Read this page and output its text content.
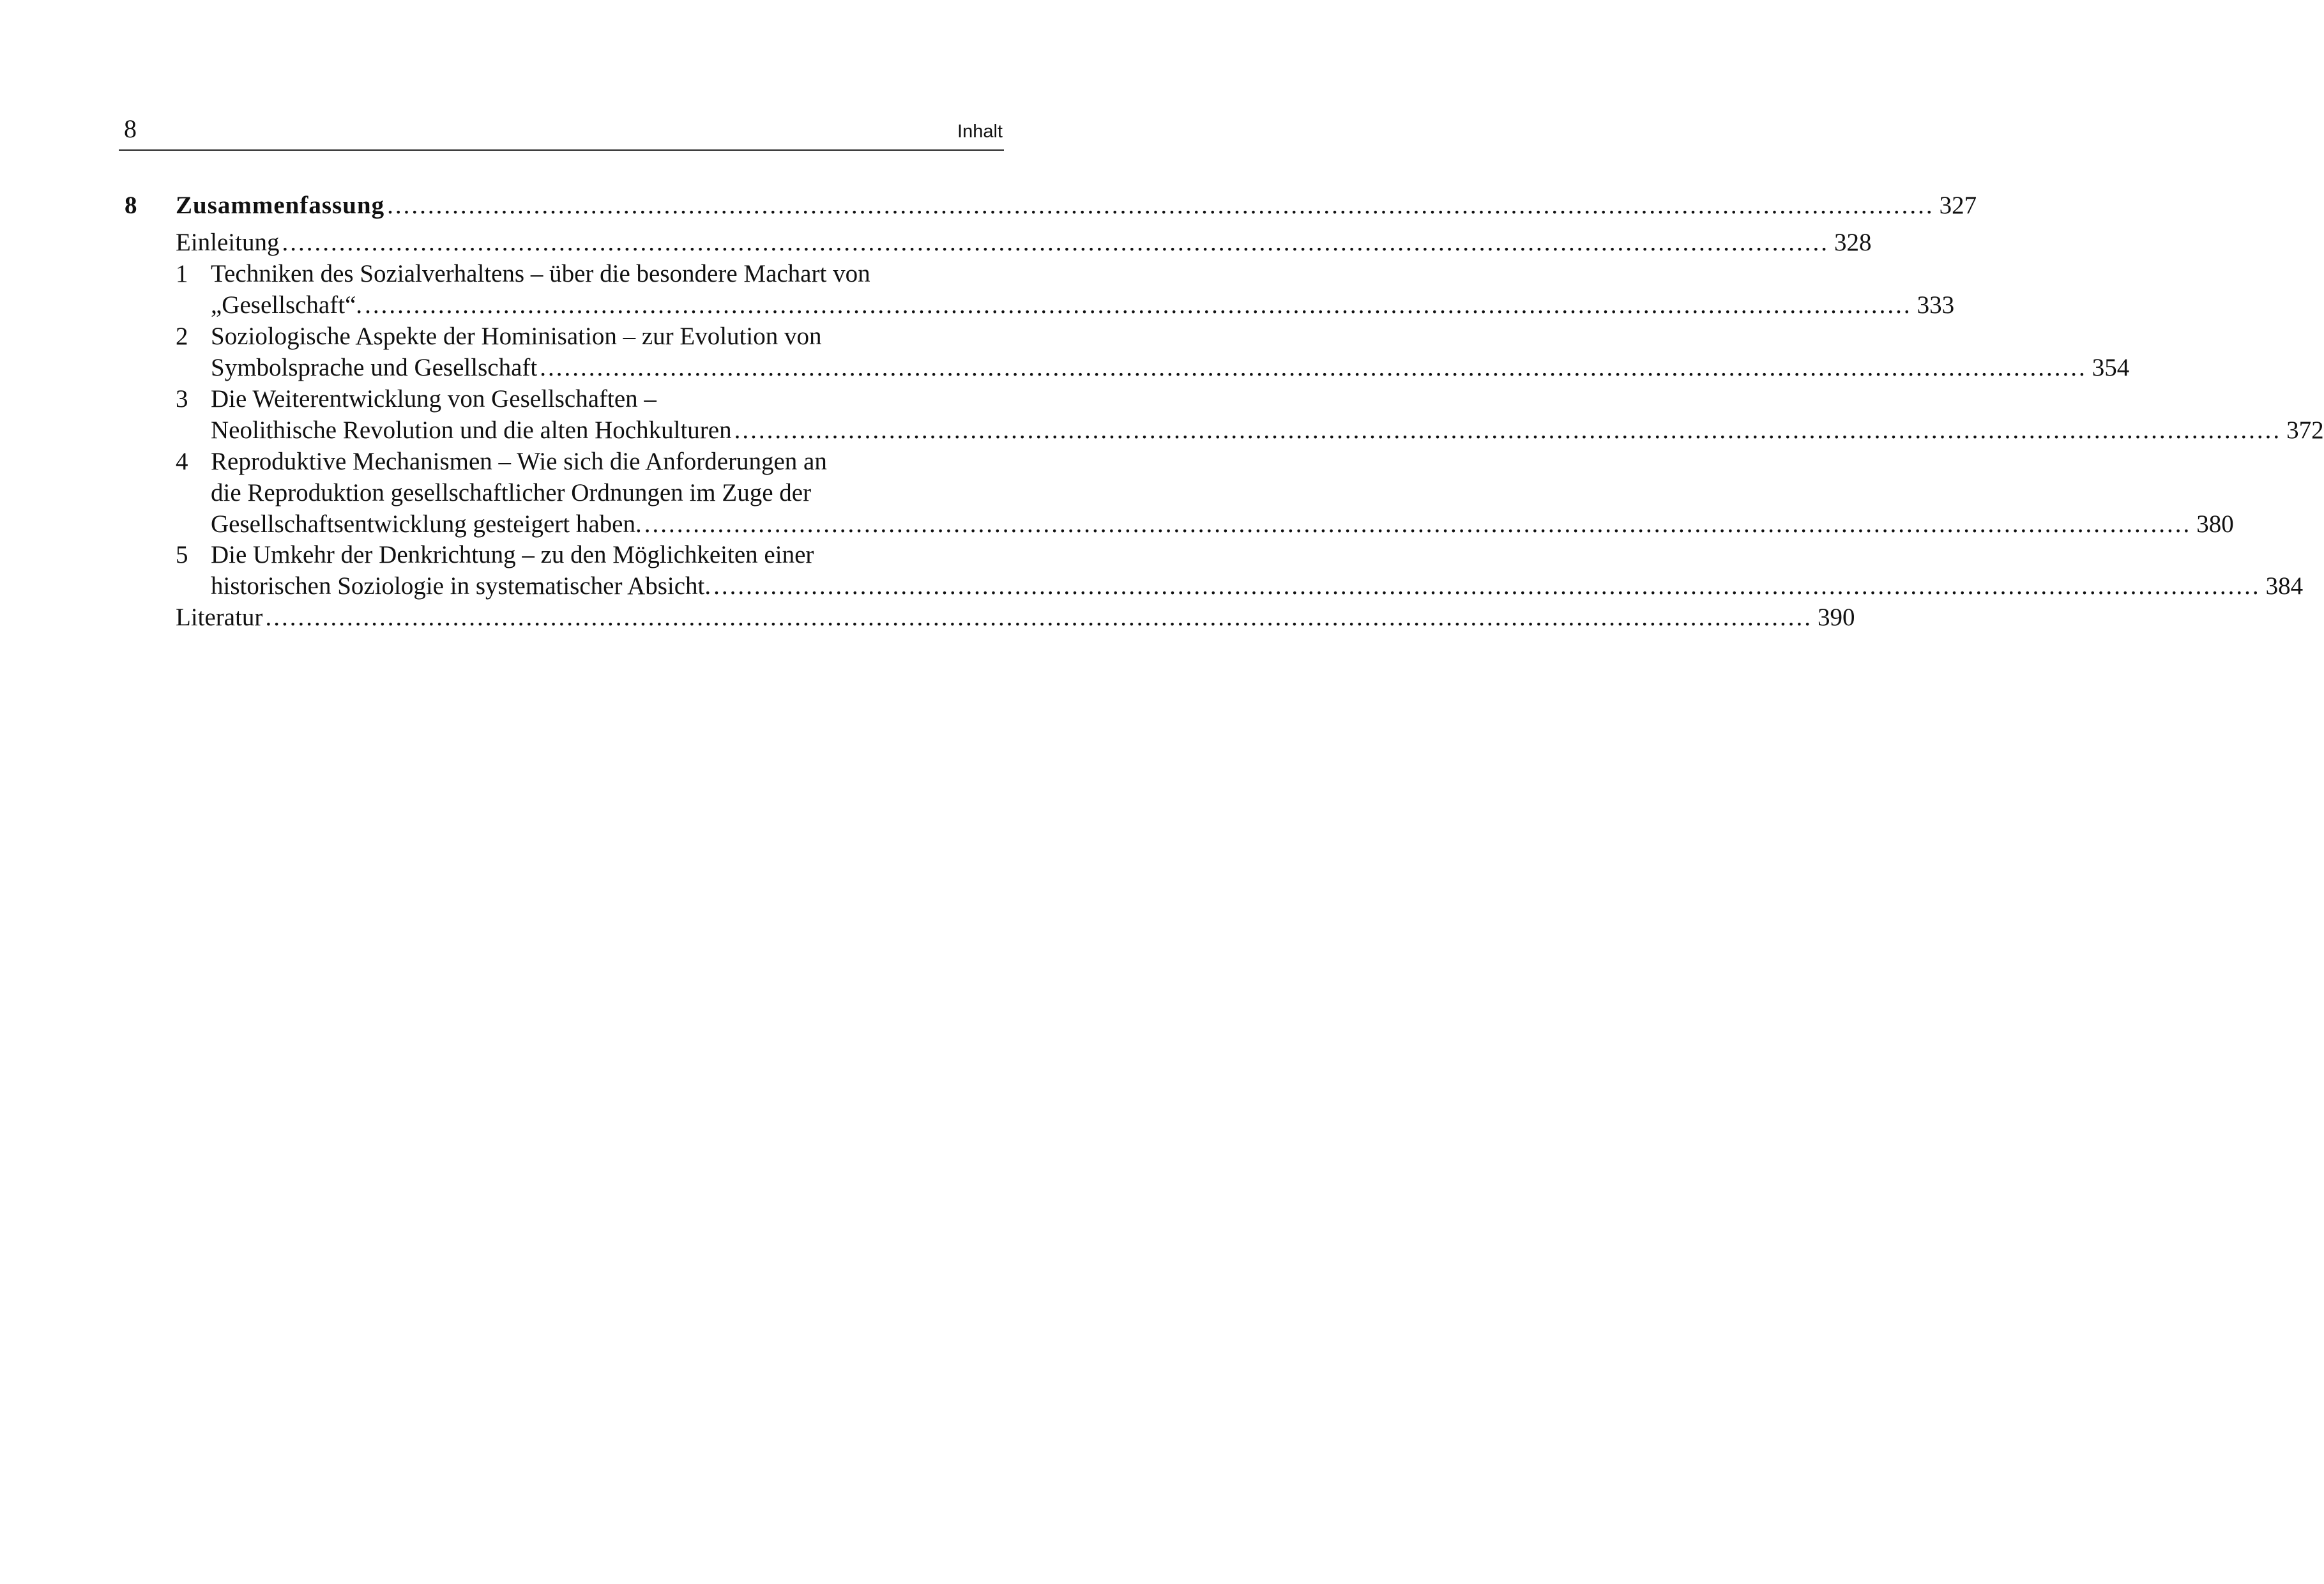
8	Inhalt
8 Zusammenfassung .............................................................................................................................................................................................. 327
Einleitung .............................................................................................................................................................................................. 328
1 Techniken des Sozialverhaltens – über die besondere Machart von
„Gesellschaft“. .............................................................................................................................................................................................. 333
2 Soziologische Aspekte der Hominisation – zur Evolution von
Symbolsprache und Gesellschaft .............................................................................................................................................................................................. 354
3 Die Weiterentwicklung von Gesellschaften –
Neolithische Revolution und die alten Hochkulturen .............................................................................................................................................................................................. 372
4 Reproduktive Mechanismen – Wie sich die Anforderungen an
die Reproduktion gesellschaftlicher Ordnungen im Zuge der
Gesellschaftsentwicklung gesteigert haben. .............................................................................................................................................................................................. 380
5 Die Umkehr der Denkrichtung – zu den Möglichkeiten einer
historischen Soziologie in systematischer Absicht. .............................................................................................................................................................................................. 384
Literatur .............................................................................................................................................................................................. 390
